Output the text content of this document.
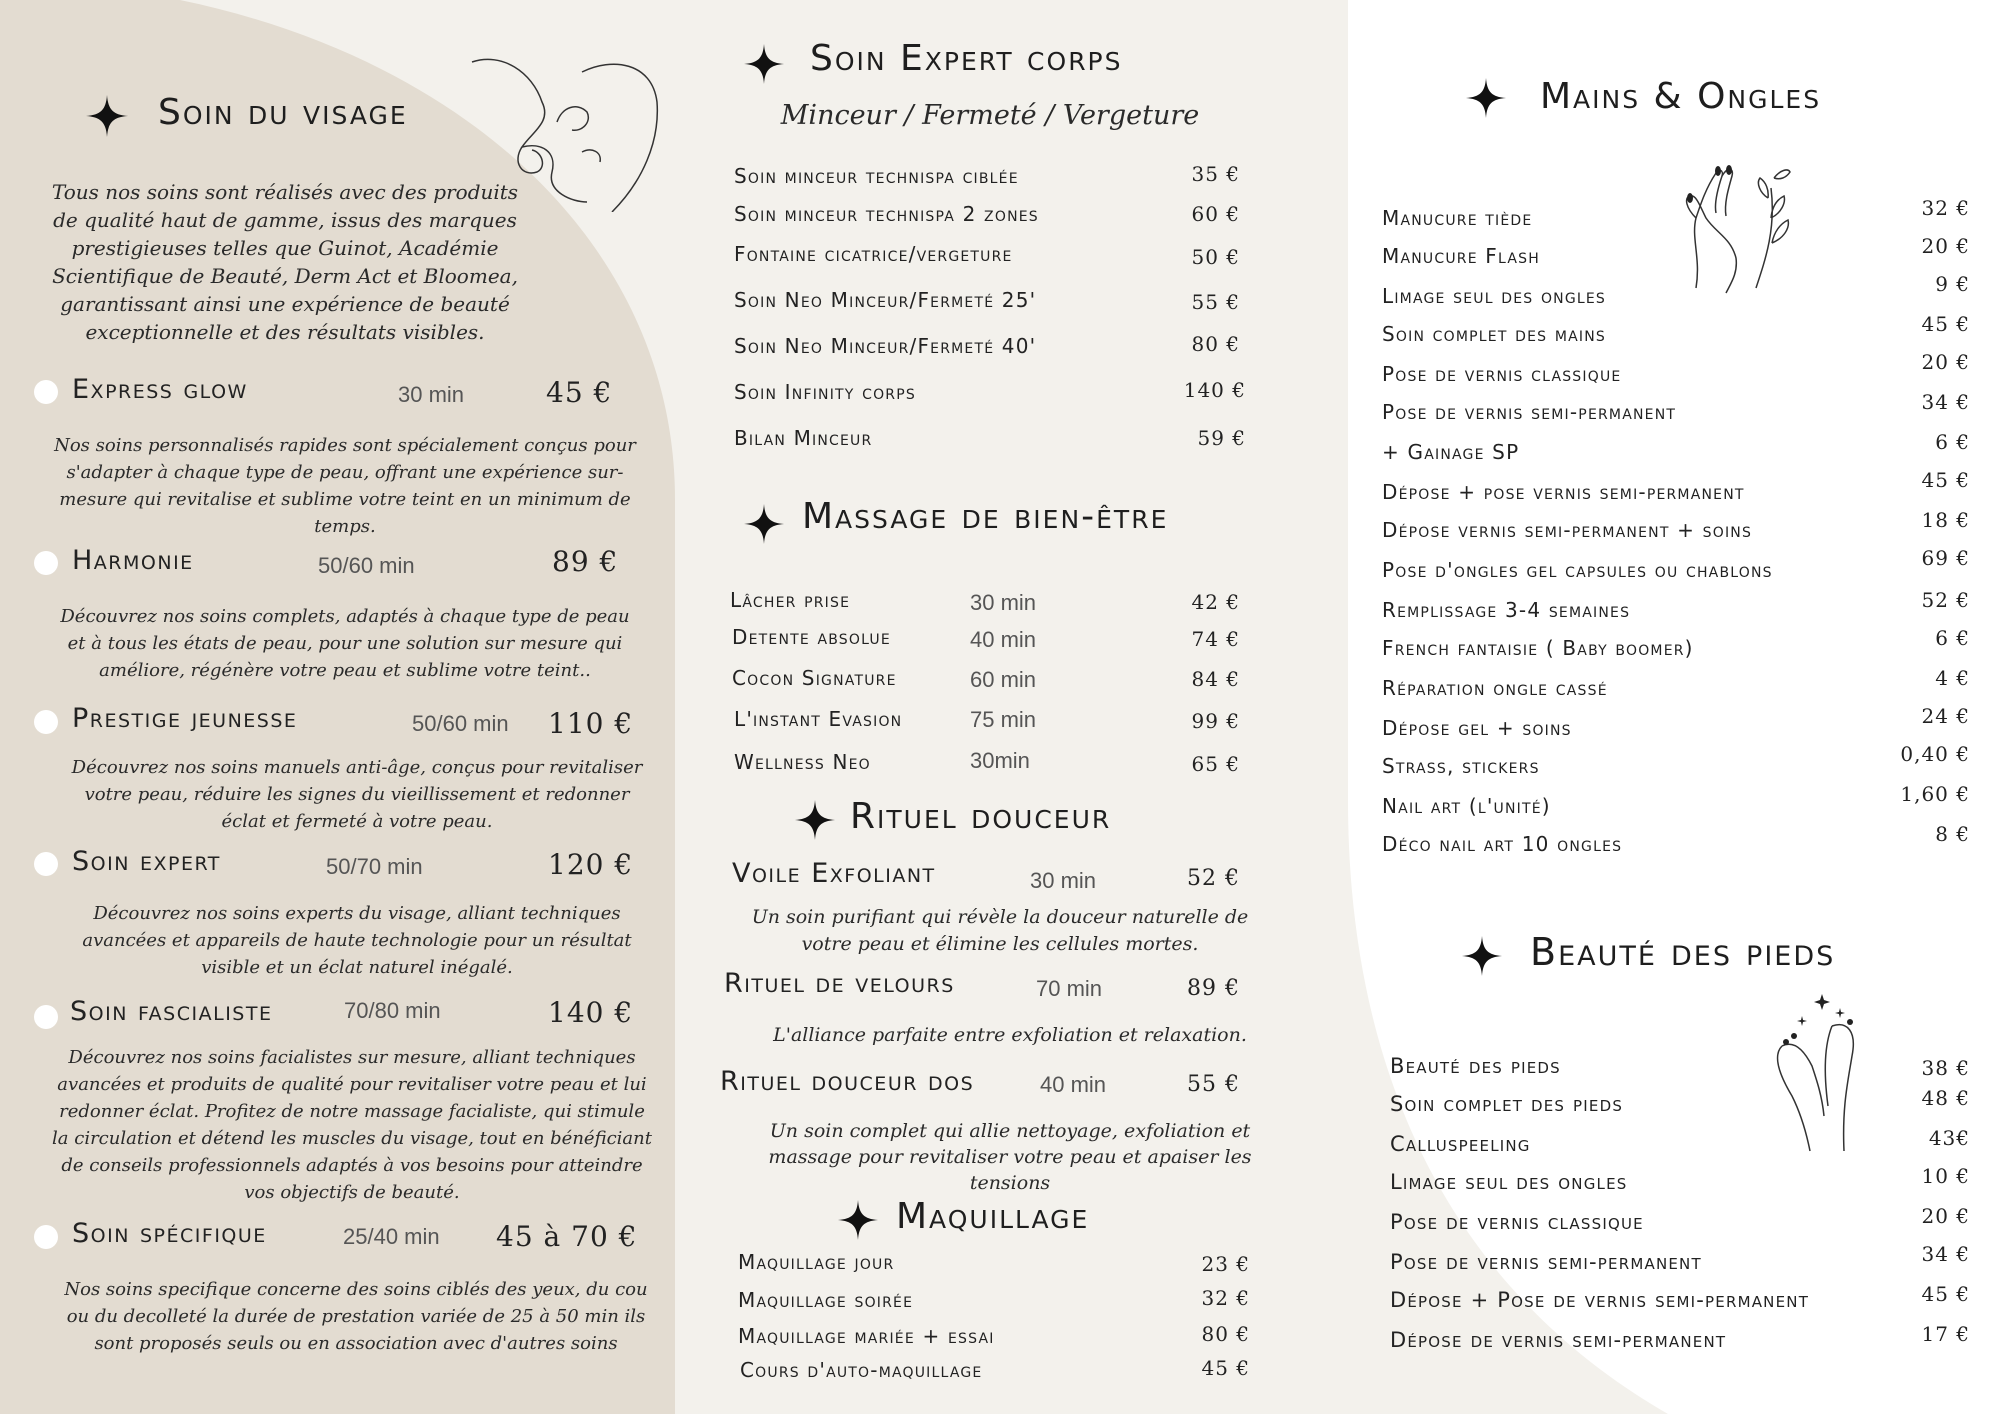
Soin du visage
Tous nos soins sont réalisés avec des produits de qualité haut de gamme, issus des marques prestigieuses telles que Guinot, Académie Scientifique de Beauté, Derm Act et Bloomea, garantissant ainsi une expérience de beauté exceptionnelle et des résultats visibles.
Express glow	30 min	45 €
Nos soins personnalisés rapides sont spécialement conçus pour s'adapter à chaque type de peau, offrant une expérience sur-mesure qui revitalise et sublime votre teint en un minimum de temps.
Harmonie	50/60 min	89 €
Découvrez nos soins complets, adaptés à chaque type de peau et à tous les états de peau, pour une solution sur mesure qui améliore, régénère votre peau et sublime votre teint..
Prestige jeunesse	50/60 min 110 €
Découvrez nos soins manuels anti-âge, conçus pour revitaliser votre peau, réduire les signes du vieillissement et redonner éclat et fermeté à votre peau.
Soin expert	50/70 min	120 €
Découvrez nos soins experts du visage, alliant techniques avancées et appareils de haute technologie pour un résultat visible et un éclat naturel inégalé.
Soin fascialiste	70/80 min	140 €
Découvrez nos soins facialistes sur mesure, alliant techniques avancées et produits de qualité pour revitaliser votre peau et lui redonner éclat. Profitez de notre massage facialiste, qui stimule la circulation et détend les muscles du visage, tout en bénéficiant de conseils professionnels adaptés à vos besoins pour atteindre vos objectifs de beauté.
Soin spécifique	25/40 min 45 à 70 €
Nos soins specifique concerne des soins ciblés des yeux, du cou ou du decolleté la durée de prestation variée de 25 à 50 min ils sont proposés seuls ou en association avec d'autres soins
Soin Expert corps
Minceur / Fermeté / Vergeture
Soin minceur technispa ciblée	35 €
Soin minceur technispa 2 zones	60 €
Fontaine cicatrice/vergeture	50 €
Soin Neo Minceur/Fermeté 25'	55 €
Soin Neo Minceur/Fermeté 40'	80 €
Soin Infinity corps	140 €
Bilan Minceur	59 €
Massage de bien-être
Lâcher prise	30 min	42 €
Detente absolue	40 min	74 €
Cocon Signature	60 min	84 €
L'instant Evasion	75 min	99 €
Wellness Neo	30min	65 €
Rituel douceur
Voile Exfoliant	30 min	52 €
Un soin purifiant qui révèle la douceur naturelle de votre peau et élimine les cellules mortes.
Rituel de velours	70 min	89 €
L'alliance parfaite entre exfoliation et relaxation.
Rituel douceur dos	40 min	55 €
Un soin complet qui allie nettoyage, exfoliation et massage pour revitaliser votre peau et apaiser les tensions
Maquillage
Maquillage jour	23 €
Maquillage soirée	32 €
Maquillage mariée + essai	80 €
Cours d'auto-maquillage	45 €
Mains & Ongles
Manucure tiède	32 €
Manucure Flash	20 €
Limage seul des ongles	9 €
Soin complet des mains	45 €
Pose de vernis classique	20 €
Pose de vernis semi-permanent	34 €
+ Gainage SP	6 €
Dépose + pose vernis semi-permanent	45 €
Dépose vernis semi-permanent + soins	18 €
Pose d'ongles gel capsules ou chablons	69 €
Remplissage 3-4 semaines	52 €
French fantaisie ( Baby boomer)	6 €
Réparation ongle cassé	4 €
Dépose gel + soins	24 €
Strass, stickers	0,40 €
Nail art (l'unité)	1,60 €
Déco nail art 10 ongles	8 €
Beauté des pieds
Beauté des pieds	38 €
Soin complet des pieds	48 €
Calluspeeling	43€
Limage seul des ongles	10 €
Pose de vernis classique	20 €
Pose de vernis semi-permanent	34 €
Dépose + Pose de vernis semi-permanent	45 €
Dépose de vernis semi-permanent	17 €
